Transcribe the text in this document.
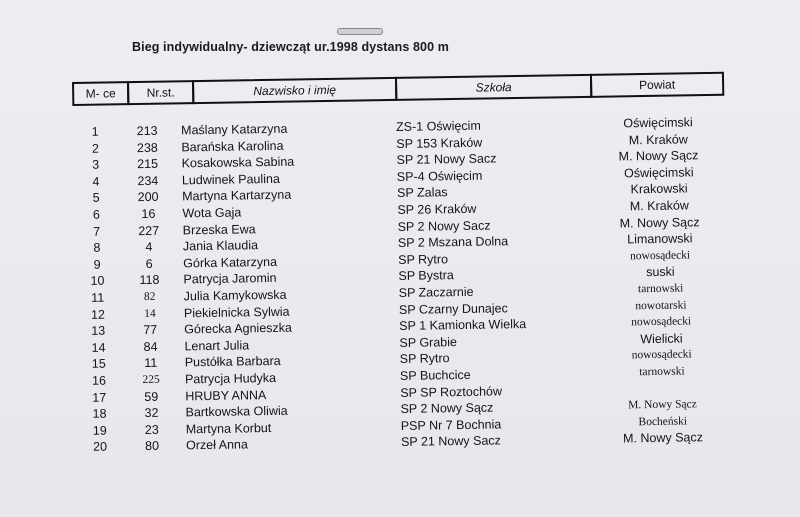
Bieg indywidualny- dziewcząt ur.1998 dystans 800 m
M- ce	Nr.st.	Nazwisko i imię	Szkoła	Powiat
1	213	Maślany Katarzyna	ZS-1 Oświęcim	Oświęcimski
2	238	Barańska Karolina	SP 153 Kraków	M. Kraków
3	215	Kosakowska Sabina	SP 21 Nowy Sacz	M. Nowy Sącz
4	234	Ludwinek Paulina	SP-4 Oświęcim	Oświęcimski
5	200	Martyna Kartarzyna	SP Zalas	Krakowski
6	16	Wota Gaja	SP 26 Kraków	M. Kraków
7	227	Brzeska Ewa	SP 2 Nowy Sacz	M. Nowy Sącz
8	4	Jania Klaudia	SP 2 Mszana Dolna	Limanowski
9	6	Górka Katarzyna	SP Rytro	nowosądecki
10	118	Patrycja Jaromin	SP Bystra	suski
11	82	Julia Kamykowska	SP Zaczarnie	tarnowski
12	14	Piekielnicka Sylwia	SP Czarny Dunajec	nowotarski
13	77	Górecka Agnieszka	SP 1 Kamionka Wielka	nowosądecki
14	84	Lenart Julia	SP Grabie	Wielicki
15	11	Pustółka Barbara	SP Rytro	nowosądecki
16	225	Patrycja Hudyka	SP Buchcice	tarnowski
17	59	HRUBY ANNA	SP SP Roztochów
18	32	Bartkowska Oliwia	SP 2 Nowy Sącz	M. Nowy Sącz
19	23	Martyna Korbut	PSP Nr 7 Bochnia	Bocheński
20	80	Orzeł Anna	SP 21 Nowy Sacz	M. Nowy Sącz
